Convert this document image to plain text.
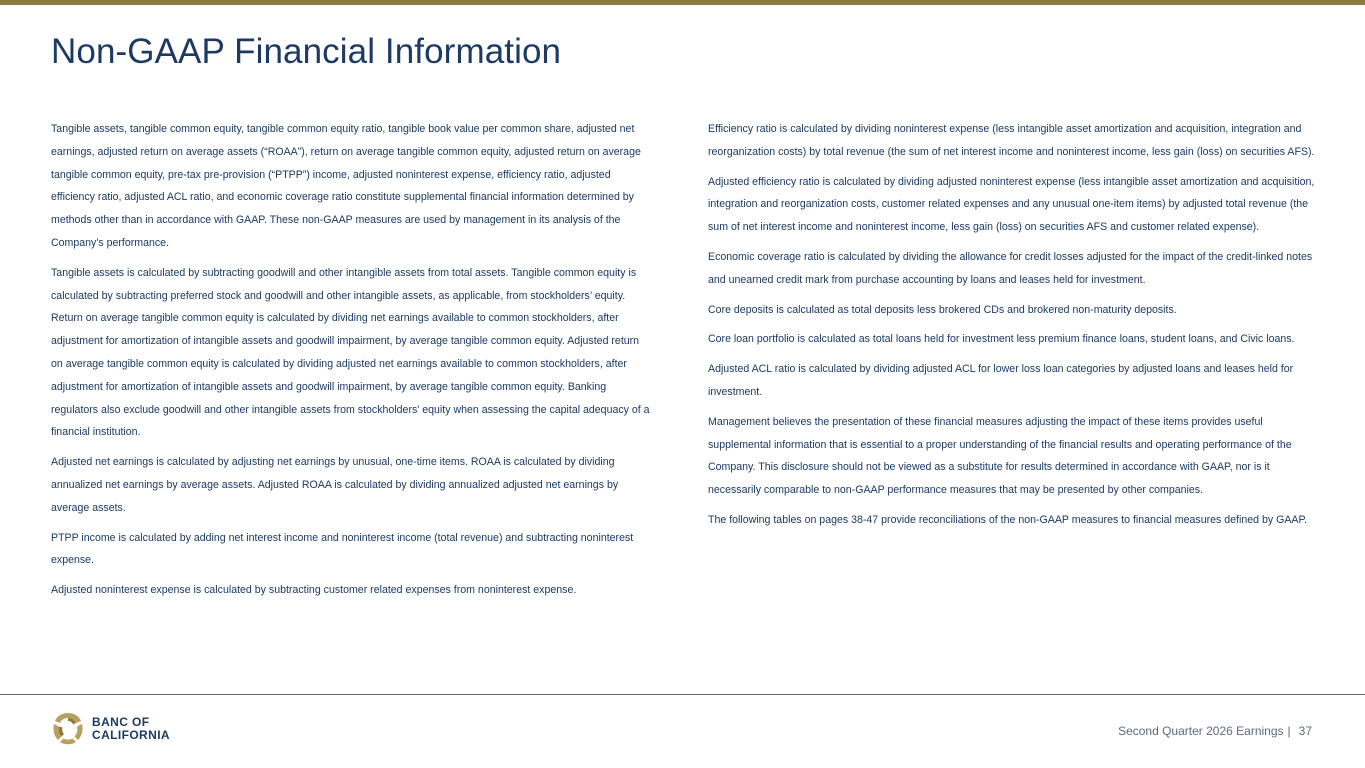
Non-GAAP Financial Information

Tangible assets, tangible common equity, tangible common equity ratio, tangible book value per common share, adjusted net earnings, adjusted return on average assets (“ROAA”), return on average tangible common equity, adjusted return on average tangible common equity, pre-tax pre-provision (“PTPP”) income, adjusted noninterest expense, efficiency ratio, adjusted efficiency ratio, adjusted ACL ratio, and economic coverage ratio constitute supplemental financial information determined by methods other than in accordance with GAAP. These non-GAAP measures are used by management in its analysis of the Company's performance.

Tangible assets is calculated by subtracting goodwill and other intangible assets from total assets. Tangible common equity is calculated by subtracting preferred stock and goodwill and other intangible assets, as applicable, from stockholders’ equity. Return on average tangible common equity is calculated by dividing net earnings available to common stockholders, after adjustment for amortization of intangible assets and goodwill impairment, by average tangible common equity. Adjusted return on average tangible common equity is calculated by dividing adjusted net earnings available to common stockholders, after adjustment for amortization of intangible assets and goodwill impairment, by average tangible common equity. Banking regulators also exclude goodwill and other intangible assets from stockholders' equity when assessing the capital adequacy of a financial institution.

Adjusted net earnings is calculated by adjusting net earnings by unusual, one-time items. ROAA is calculated by dividing annualized net earnings by average assets. Adjusted ROAA is calculated by dividing annualized adjusted net earnings by average assets.

PTPP income is calculated by adding net interest income and noninterest income (total revenue) and subtracting noninterest expense.

Adjusted noninterest expense is calculated by subtracting customer related expenses from noninterest expense.

Efficiency ratio is calculated by dividing noninterest expense (less intangible asset amortization and acquisition, integration and reorganization costs) by total revenue (the sum of net interest income and noninterest income, less gain (loss) on securities AFS).

Adjusted efficiency ratio is calculated by dividing adjusted noninterest expense (less intangible asset amortization and acquisition, integration and reorganization costs, customer related expenses and any unusual one-item items) by adjusted total revenue (the sum of net interest income and noninterest income, less gain (loss) on securities AFS and customer related expense).

Economic coverage ratio is calculated by dividing the allowance for credit losses adjusted for the impact of the credit-linked notes and unearned credit mark from purchase accounting by loans and leases held for investment.

Core deposits is calculated as total deposits less brokered CDs and brokered non-maturity deposits.

Core loan portfolio is calculated as total loans held for investment less premium finance loans, student loans, and Civic loans.

Adjusted ACL ratio is calculated by dividing adjusted ACL for lower loss loan categories by adjusted loans and leases held for investment.

Management believes the presentation of these financial measures adjusting the impact of these items provides useful supplemental information that is essential to a proper understanding of the financial results and operating performance of the Company. This disclosure should not be viewed as a substitute for results determined in accordance with GAAP, nor is it necessarily comparable to non-GAAP performance measures that may be presented by other companies.

The following tables on pages 38-47 provide reconciliations of the non-GAAP measures to financial measures defined by GAAP.

BANC OF
CALIFORNIA	Second Quarter 2026 Earnings | 37
